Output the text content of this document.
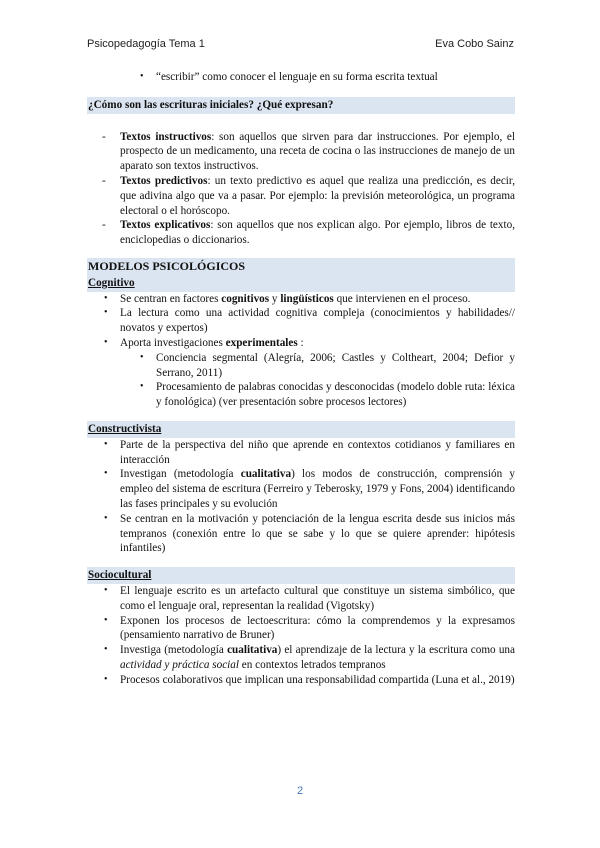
Psicopedagogía Tema 1	Eva Cobo Sainz
• “escribir” como conocer el lenguaje en su forma escrita textual
¿Cómo son las escrituras iniciales? ¿Qué expresan?
- Textos instructivos: son aquellos que sirven para dar instrucciones. Por ejemplo, el prospecto de un medicamento, una receta de cocina o las instrucciones de manejo de un aparato son textos instructivos.
- Textos predictivos: un texto predictivo es aquel que realiza una predicción, es decir, que adivina algo que va a pasar. Por ejemplo: la previsión meteorológica, un programa electoral o el horóscopo.
- Textos explicativos: son aquellos que nos explican algo. Por ejemplo, libros de texto, enciclopedias o diccionarios.
MODELOS PSICOLÓGICOS
Cognitivo
• Se centran en factores cognitivos y lingüísticos que intervienen en el proceso.
• La lectura como una actividad cognitiva compleja (conocimientos y habilidades// novatos y expertos)
• Aporta investigaciones experimentales :
• Conciencia segmental (Alegría, 2006; Castles y Coltheart, 2004; Defior y Serrano, 2011)
• Procesamiento de palabras conocidas y desconocidas (modelo doble ruta: léxica y fonológica) (ver presentación sobre procesos lectores)
Constructivista
• Parte de la perspectiva del niño que aprende en contextos cotidianos y familiares en interacción
• Investigan (metodología cualitativa) los modos de construcción, comprensión y empleo del sistema de escritura (Ferreiro y Teberosky, 1979 y Fons, 2004) identificando las fases principales y su evolución
• Se centran en la motivación y potenciación de la lengua escrita desde sus inicios más tempranos (conexión entre lo que se sabe y lo que se quiere aprender: hipótesis infantiles)
Sociocultural
• El lenguaje escrito es un artefacto cultural que constituye un sistema simbólico, que como el lenguaje oral, representan la realidad (Vigotsky)
• Exponen los procesos de lectoescritura: cómo la comprendemos y la expresamos (pensamiento narrativo de Bruner)
• Investiga (metodología cualitativa) el aprendizaje de la lectura y la escritura como una actividad y práctica social en contextos letrados tempranos
• Procesos colaborativos que implican una responsabilidad compartida (Luna et al., 2019)
2
